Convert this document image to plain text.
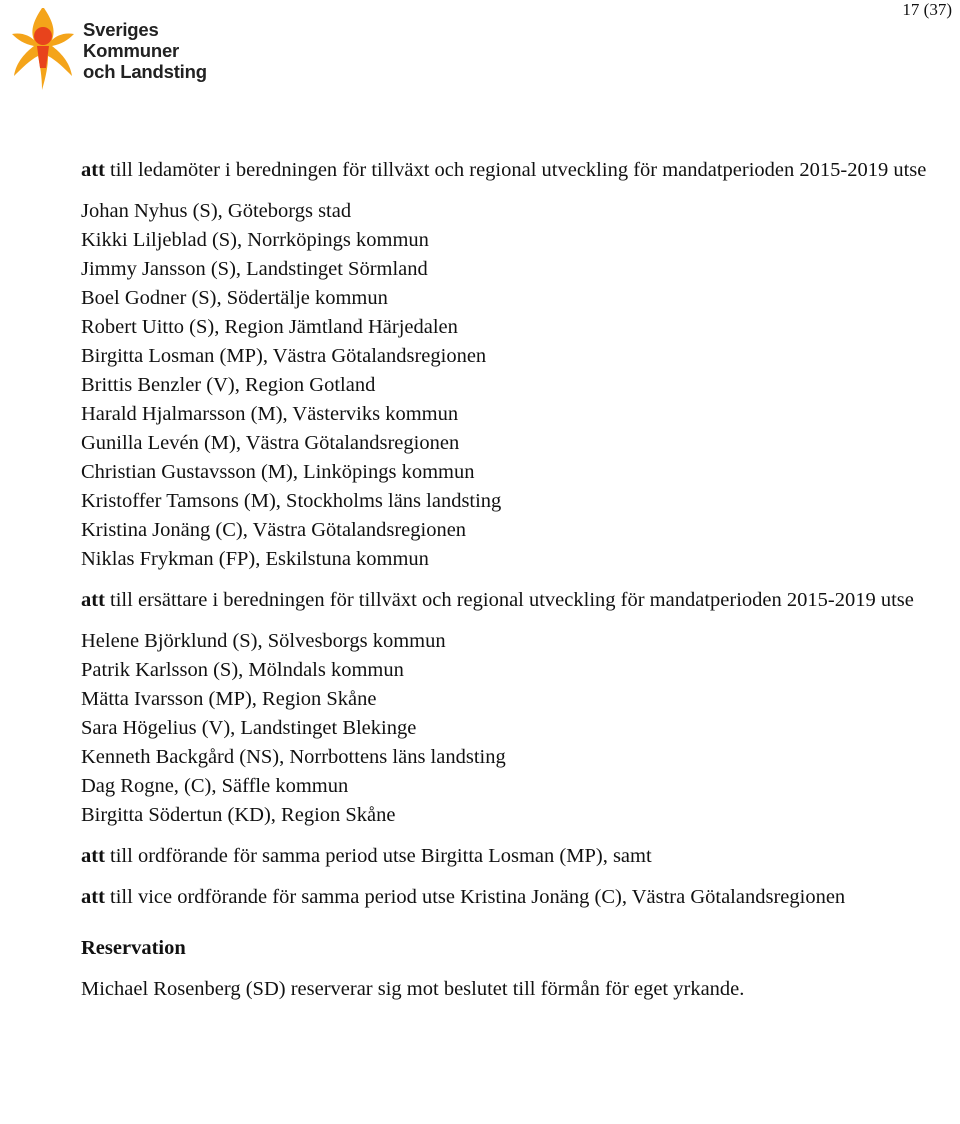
Sveriges
Kommuner
och Landsting
17 (37)

att till ledamöter i beredningen för tillväxt och regional utveckling för mandatperioden 2015-2019 utse

Johan Nyhus (S), Göteborgs stad
Kikki Liljeblad (S), Norrköpings kommun
Jimmy Jansson (S), Landstinget Sörmland
Boel Godner (S), Södertälje kommun
Robert Uitto (S), Region Jämtland Härjedalen
Birgitta Losman (MP), Västra Götalandsregionen
Brittis Benzler (V), Region Gotland
Harald Hjalmarsson (M), Västerviks kommun
Gunilla Levén (M), Västra Götalandsregionen
Christian Gustavsson (M), Linköpings kommun
Kristoffer Tamsons (M), Stockholms läns landsting
Kristina Jonäng (C), Västra Götalandsregionen
Niklas Frykman (FP), Eskilstuna kommun

att till ersättare i beredningen för tillväxt och regional utveckling för mandatperioden 2015-2019 utse

Helene Björklund (S), Sölvesborgs kommun
Patrik Karlsson (S), Mölndals kommun
Mätta Ivarsson (MP), Region Skåne
Sara Högelius (V), Landstinget Blekinge
Kenneth Backgård (NS), Norrbottens läns landsting
Dag Rogne, (C), Säffle kommun
Birgitta Södertun (KD), Region Skåne

att till ordförande för samma period utse Birgitta Losman (MP), samt

att till vice ordförande för samma period utse Kristina Jonäng (C), Västra Götalandsregionen

Reservation

Michael Rosenberg (SD) reserverar sig mot beslutet till förmån för eget yrkande.
